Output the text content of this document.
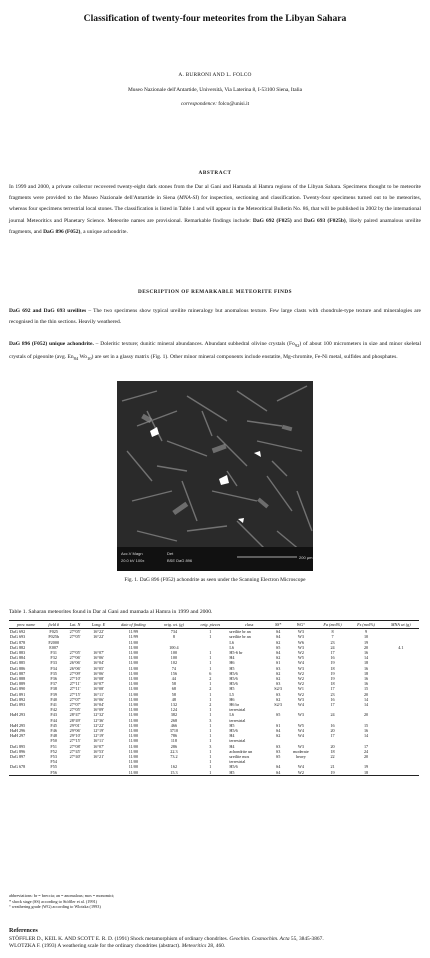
Classification of twenty-four meteorites from the Libyan Sahara
A. BURRONI AND L. FOLCO
Museo Nazionale dell'Antartide, Università, Via Laterina 8, I-53100 Siena, Italia
correspondence: folco@unisi.it
ABSTRACT
In 1999 and 2000, a private collector recovered twenty-eight dark stones from the Dar al Gani and Hamada al Hamra regions of the Libyan Sahara. Specimens thought to be meteorite fragments were provided to the Museo Nazionale dell'Antartide in Siena (MNA-SI) for inspection, sectioning and classification. Twenty-four specimens turned out to be meteorites, whereas four specimens terrestrial local stones. The classification is listed in Table 1 and will appear in the Meteoritical Bulletin No. 86, that will be published in 2002 by the international journal Meteoritics and Planetary Science. Meteorite names are provisional. Remarkable findings include: DaG 692 (F025) and DaG 693 (F025b), likely paired anamalous ureilite fragments, and DaG 896 (F052), a unique achondrite.
DESCRIPTION OF REMARKABLE METEORITE FINDS
DaG 692 and DaG 693 ureilites – The two specimens show typical ureilite mineralogy but anomalous texture. Few large clasts with chondrule-type texture and mineralogies are recognised in the thin sections. Heavily weathered.
DaG 896 (F052) unique achondrite. – Doleritic texture; dunitic mineral abundances. Abundant subhedral olivine crystals $(Fo_{92})$ of about 100 micrometers in size and minor skeletal crystals of pigeonite (avg. $En_{84}$ $Wo_{10}$) are set in a glassy matrix (Fig. 1). Other minor mineral components include enstatite, Mg-chromite, Fe-Ni metal, sulfides and phosphates.
Acc.V Magn
20.0 kV 100x
Det
BSE DaG 896
200 µm
Fig. 1. DaG 896 (F052) achondrite as seen under the Scanning Electron Microscope
Table 1. Saharan meteorites found in Dar al Gani and mamada al Hamra in 1999 and 2000.
prov. name	field #	Lat. N	Long. E	date of finding	orig. wt. (g)	orig. pieces	class	SS*	WG°	Fa (mol%)	Fs (mol%)	MNA wt (g)
DaG 692	F025	27°05'	16°22'	11/99	734	1	ureilite br an	S4	W3	8	9	
DaG 693	F025b	27°05'	16°22'	11/99	8	1	ureilite br an	S4	W3	7	10	
DaG 878	F2000			11/00			L6	S2	W6	23	19	
DaG 882	E007			11/00	100.4		L6	S5	W3	24	20	4.1
DaG 883	F31	27°05'	16°07'	11/00	100	1	H5-6 br	S4	W2	17	16	
DaG 884	F32	27°06'	16°06'	11/00	100	1	H4	S2	W5	16	14	
DaG 885	F33	26°06'	16°04'	11/00	102	1	H6	S1	W4	19	18	
DaG 886	F34	26°06'	16°05'	11/00	74	1	H5	S3	W3	18	16	
DaG 887	F35	27°09'	16°06'	11/00	156	6	H5/6	S2	W2	19	18	
DaG 888	F36	27°10'	16°08'	11/00	44	2	H5/6	S2	W2	19	16	
DaG 889	F37	27°11'	16°07'	11/00	58	1	H5/6	S3	W2	18	16	
DaG 890	F38	27°11'	16°08'	11/00	68	2	H5	S2/3	W1	17	15	
DaG 891	F39	27°15'	16°11'	11/00	58	1	L5	S3	W2	23	20	
DaG 892	F40	27°07'	16°06'	11/00	48	1	H6	S2	W3	16	14	
DaG 893	F41	27°07'	16°04'	11/00	132	2	H6 br	S2/3	W4	17	14	
	F42	27°05'	16°09'	11/00	124	1	terrestrial					
HaH 293	F43	28°47'	12°32'	11/00	382	1	L6	S5	W3	24	20	
	F44	28°49'	12°36'	11/00	268	3	terrestrial					
HaH 295	F45	29°01'	12°22'	11/00	466	1	H5	S1	W5	16	15	
HaH 296	F46	29°06'	12°19'	11/00	3710	1	H5/6	S4	W4	20	16	
HaH 297	F48	29°10'	12°19'	11/00	786	1	H4	S2	W4	17	14	
	F50	27°15'	16°11'	11/00	118	1	terrestrial					
DaG 895	F51	27°08'	16°07'	11/00	286	3	H4	S3	W3	20	17	
DaG 896	F52	27°45'	16°53'	11/00	22.3	1	achondrite un	S3	moderate	18	24	
DaG 897	F53	27°40'	16°21'	11/00	73.2	1	ureilite mos	S5	heavy	22	20	
	F54			11/00		1	terrestrial					
DaG 678	F55			11/00	162	1	H5/6	S4	W4	21	19	
	F56			11/00	15.3	1	H5	S4	W2	19	18	
abbreviations: br = breccia; an = anomalous; mos = monomict;
* shock stage (SS) according to Stöffler et al. (1991)
° weathering grade (WG) according to Wlotzka (1993)
References
STÖFFLER D., KEIL K. AND SCOTT E. R. D. (1991) Shock metamorphism of ordinary chondrites. Geochim. Cosmochim. Acta 55, 3845-3867.
WLOTZKA F. (1993) A weathering scale for the ordinary chondrites (abstract). Meteoritics 28, 460.
